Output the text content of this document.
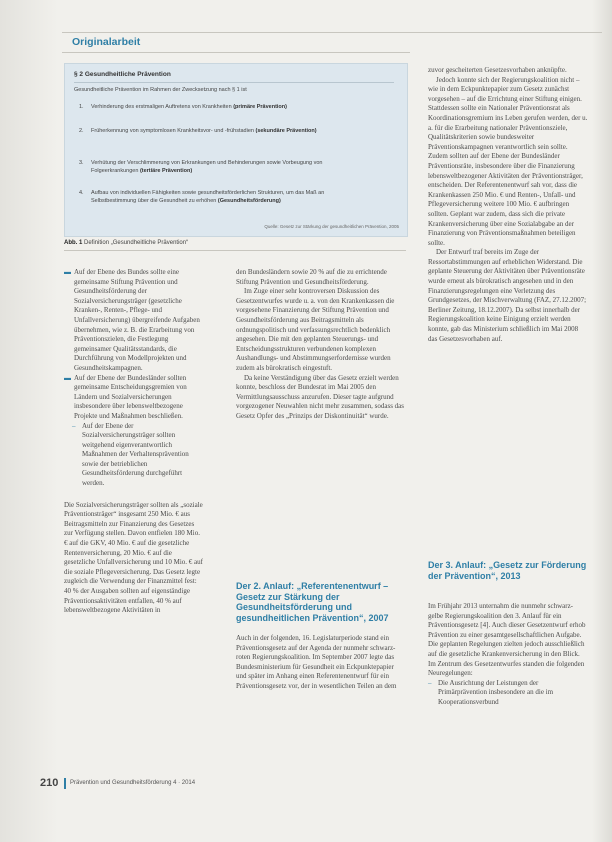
Originalarbeit
§ 2 Gesundheitliche Prävention
Gesundheitliche Prävention im Rahmen der Zwecksetzung nach § 1 ist
1. Verhinderung des erstmaligen Auftretens von Krankheiten (primäre Prävention)
2. Früherkennung von symptomlosen Krankheitsvor- und -frühstadien (sekundäre Prävention)
3. Verhütung der Verschlimmerung von Erkrankungen und Behinderungen sowie Vorbeugung von Folgeerkrankungen (tertiäre Prävention)
4. Aufbau von individuellen Fähigkeiten sowie gesundheitsförderlichen Strukturen, um das Maß an Selbstbestimmung über die Gesundheit zu erhöhen (Gesundheitsförderung)
Quelle: Gesetz zur Stärkung der gesundheitlichen Prävention, 2005
Abb. 1 Definition „Gesundheitliche Prävention“

▬ Auf der Ebene des Bundes sollte eine gemeinsame Stiftung Prävention und Gesundheitsförderung der Sozialversicherungsträger (gesetzliche Kranken-, Renten-, Pflege- und Unfallversicherung) übergreifende Aufgaben übernehmen, wie z. B. die Erarbeitung von Präventionszielen, die Festlegung gemeinsamer Qualitätsstandards, die Durchführung von Modellprojekten und Gesundheitskampagnen.

▬ Auf der Ebene der Bundesländer sollten gemeinsame Entscheidungsgremien von Ländern und Sozialversicherungen insbesondere über lebensweltbezogene Projekte und Maßnahmen beschließen.

– Auf der Ebene der Sozialversicherungsträger sollten weitgehend eigenverantwortlich Maßnahmen der Verhaltensprävention sowie der betrieblichen Gesundheitsförderung durchgeführt werden.

Die Sozialversicherungsträger sollten als „soziale Präventionsträger“ insgesamt 250 Mio. € aus Beitragsmitteln zur Finanzierung des Gesetzes zur Verfügung stellen. Davon entfielen 180 Mio. € auf die GKV, 40 Mio. € auf die gesetzliche Rentenversicherung, 20 Mio. € auf die gesetzliche Unfallversicherung und 10 Mio. € auf die soziale Pflegeversicherung. Das Gesetz legte zugleich die Verwendung der Finanzmittel fest: 40 % der Ausgaben sollten auf eigenständige Präventionsaktivitäten entfallen, 40 % auf lebensweltbezogene Aktivitäten in

den Bundesländern sowie 20 % auf die zu errichtende Stiftung Prävention und Gesundheitsförderung.

Im Zuge einer sehr kontroversen Diskussion des Gesetzentwurfes wurde u. a. von den Krankenkassen die vorgesehene Finanzierung der Stiftung Prävention und Gesundheitsförderung aus Beitragsmitteln als ordnungspolitisch und verfassungsrechtlich bedenklich angesehen. Die mit den geplanten Steuerungs- und Entscheidungsstrukturen verbundenen komplexen Aushandlungs- und Abstimmungserfordernisse wurden zudem als bürokratisch eingestuft.

Da keine Verständigung über das Gesetz erzielt werden konnte, beschloss der Bundesrat im Mai 2005 den Vermittlungsausschuss anzurufen. Dieser tagte aufgrund vorgezogener Neuwahlen nicht mehr zusammen, sodass das Gesetz Opfer des „Prinzips der Diskontinuität“ wurde.

Der 2. Anlauf: „Referentenentwurf – Gesetz zur Stärkung der Gesundheitsförderung und gesundheitlichen Prävention“, 2007

Auch in der folgenden, 16. Legislaturperiode stand ein Präventionsgesetz auf der Agenda der nunmehr schwarz-roten Regierungskoalition. Im September 2007 legte das Bundesministerium für Gesundheit ein Eckpunktepapier und später im Anhang einen Referentenentwurf für ein Präventionsgesetz vor, der in wesentlichen Teilen an dem

zuvor gescheiterten Gesetzesvorhaben anknüpfte.

Jedoch konnte sich der Regierungskoalition nicht – wie in dem Eckpunktepapier zum Gesetz zunächst vorgesehen – auf die Errichtung einer Stiftung einigen. Stattdessen sollte ein Nationaler Präventionsrat als Koordinationsgremium ins Leben gerufen werden, der u. a. für die Erarbeitung nationaler Präventionsziele, Qualitätskriterien sowie bundesweiter Präventionskampagnen verantwortlich sein sollte. Zudem sollten auf der Ebene der Bundesländer Präventionsräte, insbesondere über die Finanzierung lebensweltbezogener Aktivitäten der Präventionsträger, entscheiden. Der Referentenentwurf sah vor, dass die Krankenkassen 250 Mio. € und Renten-, Unfall- und Pflegeversicherung weitere 100 Mio. € aufbringen sollten. Geplant war zudem, dass sich die private Krankenversicherung über eine Sozialabgabe an der Finanzierung von Präventionsmaßnahmen beteiligen sollte.

Der Entwurf traf bereits im Zuge der Ressortabstimmungen auf erheblichen Widerstand. Die geplante Steuerung der Aktivitäten über Präventionsräte wurde erneut als bürokratisch angesehen und in den Finanzierungsregelungen eine Verletzung des Grundgesetzes, der Mischverwaltung (FAZ, 27.12.2007; Berliner Zeitung, 18.12.2007). Da selbst innerhalb der Regierungskoalition keine Einigung erzielt werden konnte, gab das Ministerium schließlich im Mai 2008 das Gesetzesvorhaben auf.

Der 3. Anlauf: „Gesetz zur Förderung der Prävention“, 2013

Im Frühjahr 2013 unternahm die nunmehr schwarz-gelbe Regierungskoalition den 3. Anlauf für ein Präventionsgesetz [4]. Auch dieser Gesetzentwurf erhob Prävention zu einer gesamtgesellschaftlichen Aufgabe. Die geplanten Regelungen zielten jedoch ausschließlich auf die gesetzliche Krankenversicherung in den Blick. Im Zentrum des Gesetzentwurfes standen die folgenden Neuregelungen:

– Die Ausrichtung der Leistungen der Primärprävention insbesondere an die im Kooperationsverbund

210 Prävention und Gesundheitsförderung 4 · 2014
